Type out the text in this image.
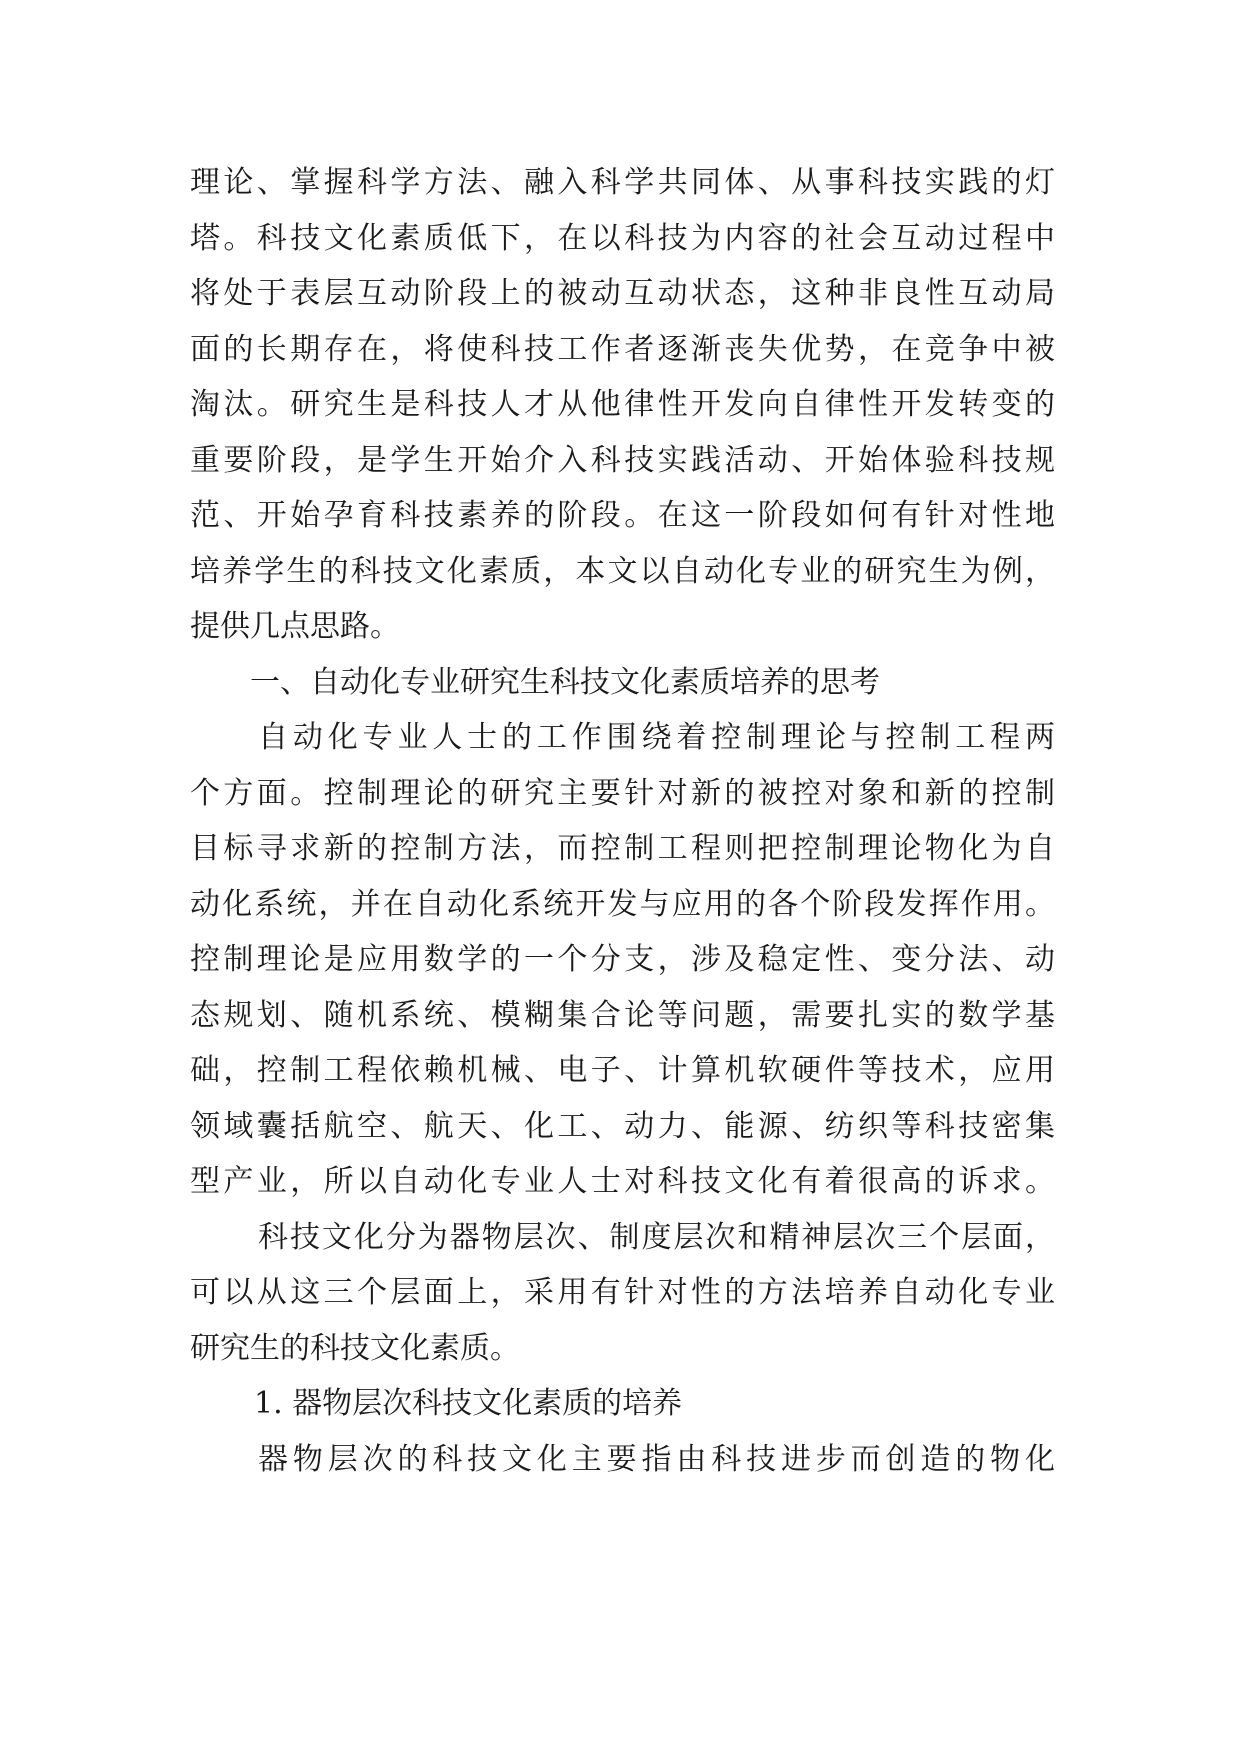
理论、掌握科学方法、融入科学共同体、从事科技实践的灯
塔。科技文化素质低下，在以科技为内容的社会互动过程中
将处于表层互动阶段上的被动互动状态，这种非良性互动局
面的长期存在，将使科技工作者逐渐丧失优势，在竞争中被
淘汰。研究生是科技人才从他律性开发向自律性开发转变的
重要阶段，是学生开始介入科技实践活动、开始体验科技规
范、开始孕育科技素养的阶段。在这一阶段如何有针对性地
培养学生的科技文化素质，本文以自动化专业的研究生为例，
提供几点思路。
一、自动化专业研究生科技文化素质培养的思考
自动化专业人士的工作围绕着控制理论与控制工程两
个方面。控制理论的研究主要针对新的被控对象和新的控制
目标寻求新的控制方法，而控制工程则把控制理论物化为自
动化系统，并在自动化系统开发与应用的各个阶段发挥作用。
控制理论是应用数学的一个分支，涉及稳定性、变分法、动
态规划、随机系统、模糊集合论等问题，需要扎实的数学基
础，控制工程依赖机械、电子、计算机软硬件等技术，应用
领域囊括航空、航天、化工、动力、能源、纺织等科技密集
型产业，所以自动化专业人士对科技文化有着很高的诉求。
科技文化分为器物层次、制度层次和精神层次三个层面，
可以从这三个层面上，采用有针对性的方法培养自动化专业
研究生的科技文化素质。
1. 器物层次科技文化素质的培养
器物层次的科技文化主要指由科技进步而创造的物化
